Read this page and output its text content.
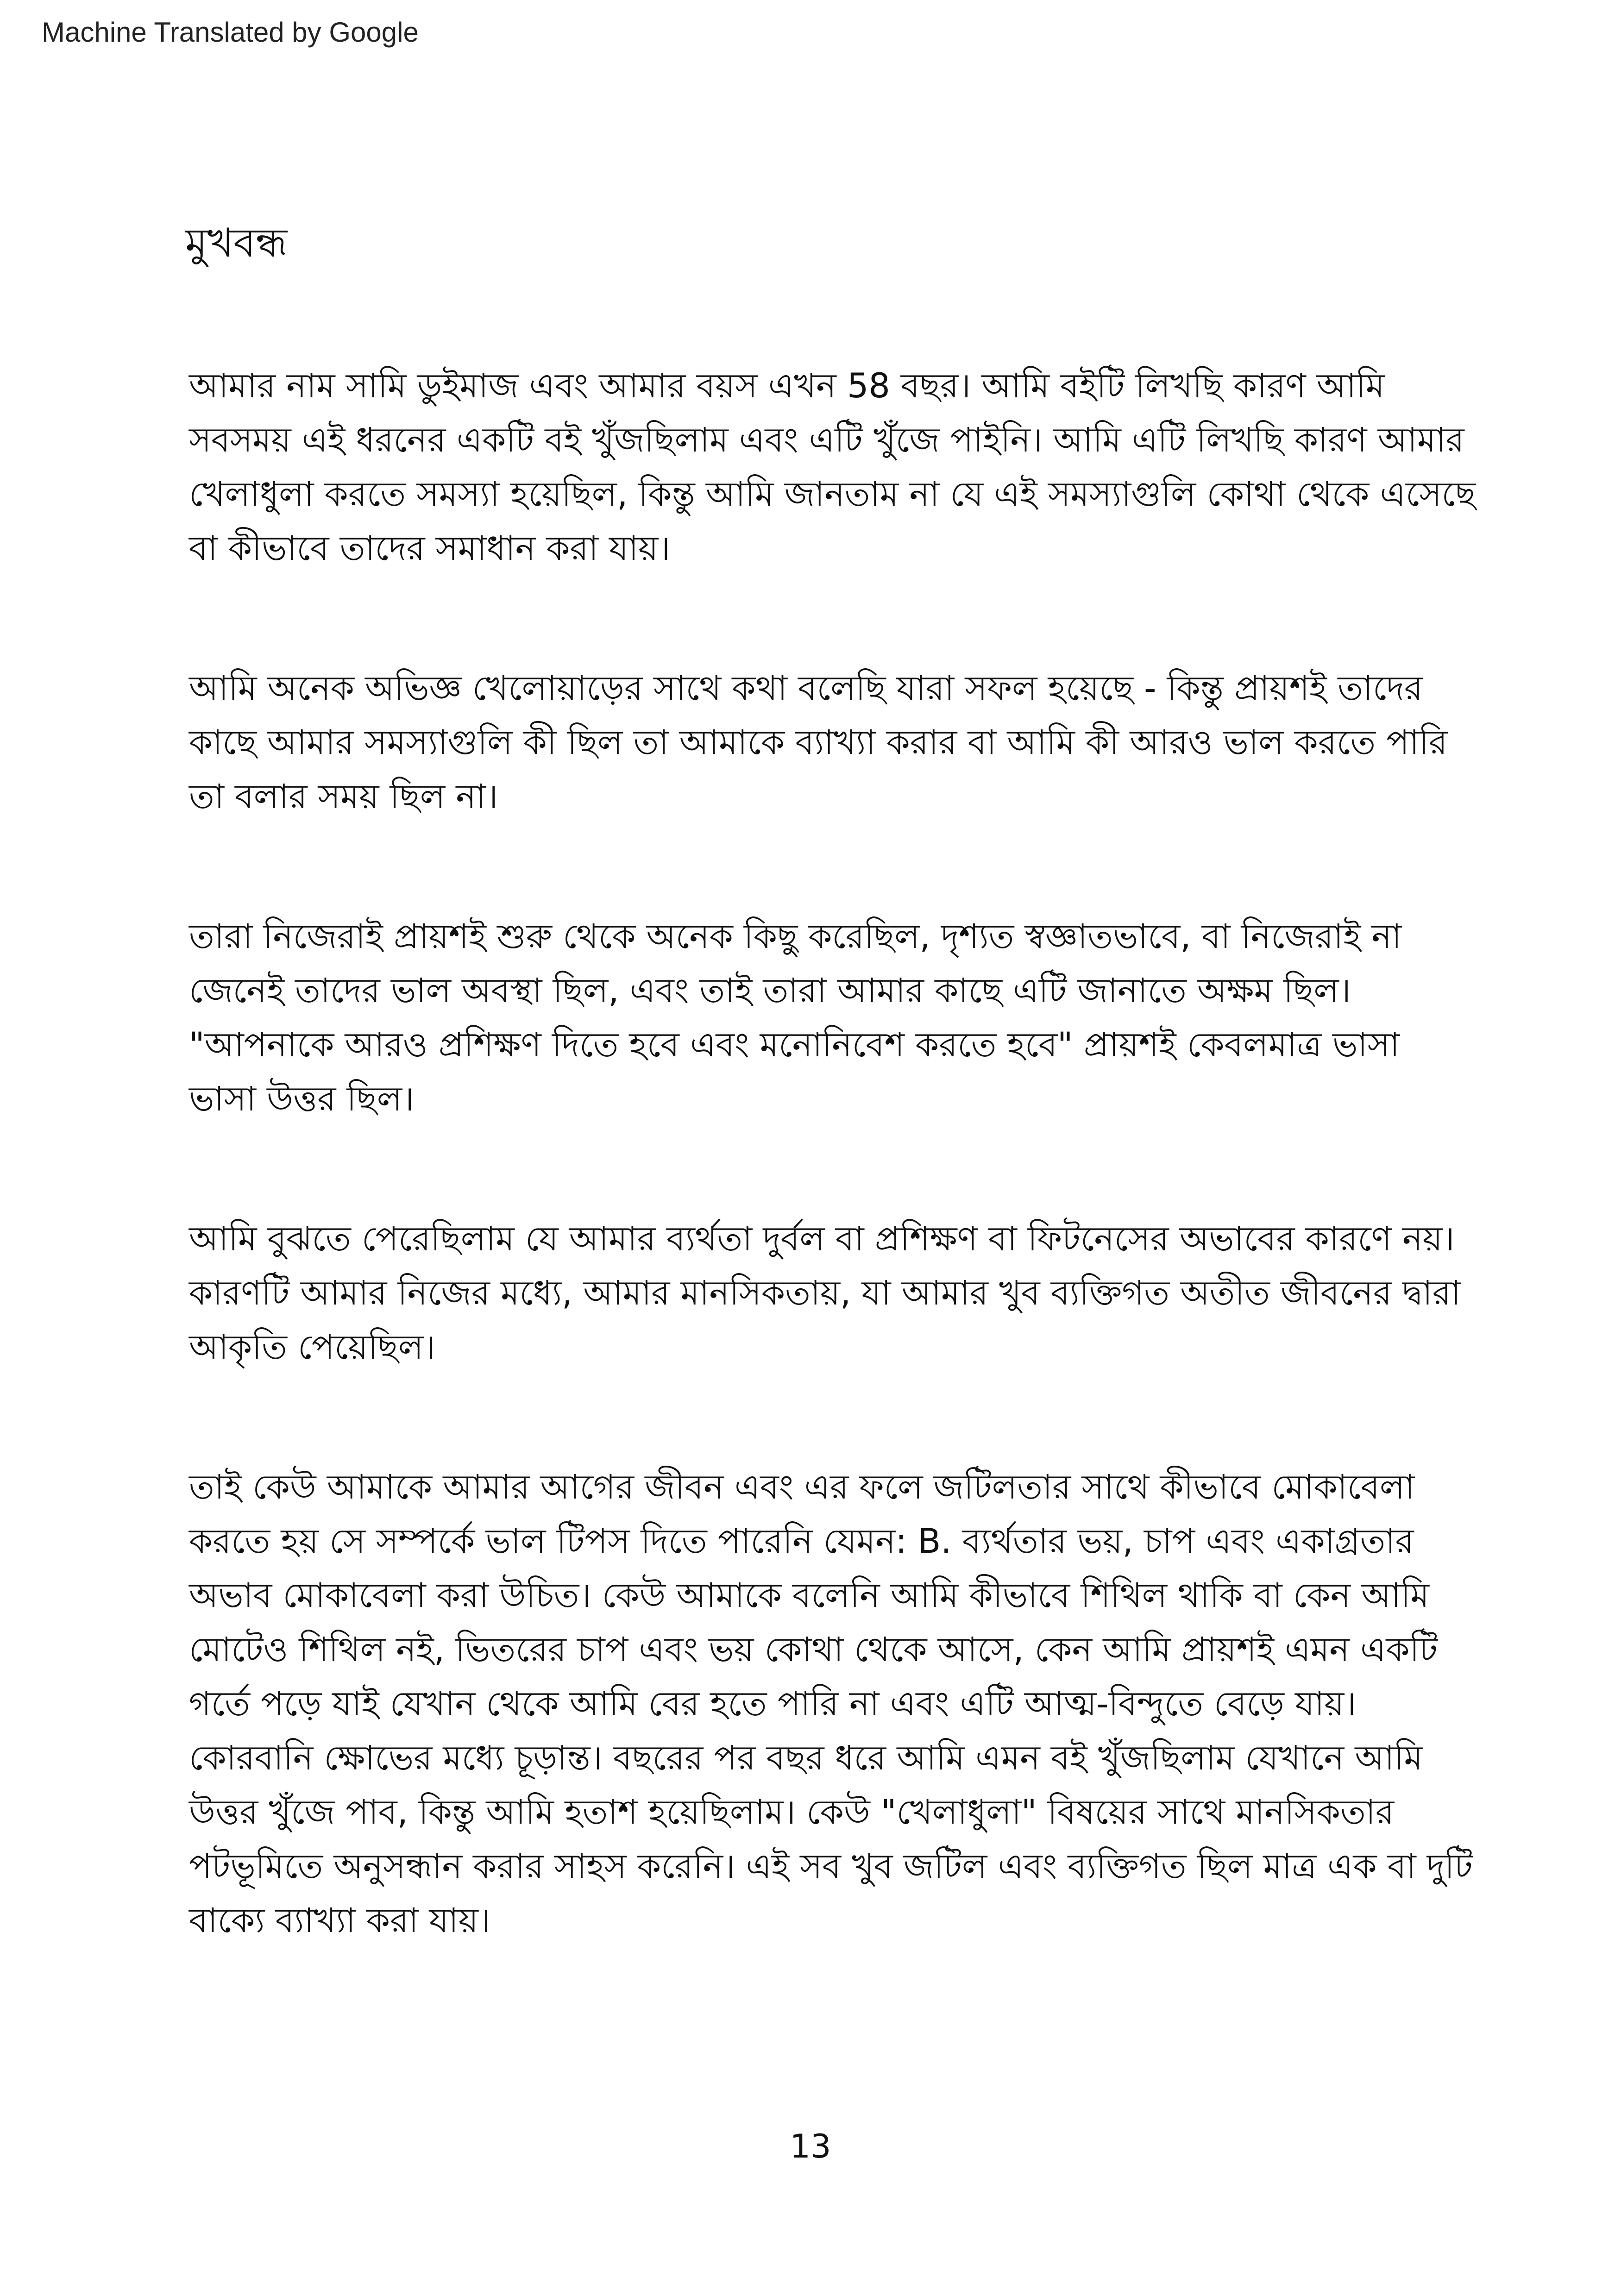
Machine Translated by Google
মুখবন্ধ

আমার নাম সামি ডুইমাজ এবং আমার বয়স এখন 58 বছর। আমি বইটি লিখছি কারণ আমি সবসময় এই ধরনের একটি বই খুঁজছিলাম এবং এটি খুঁজে পাইনি। আমি এটি লিখছি কারণ আমার খেলাধুলা করতে সমস্যা হয়েছিল, কিন্তু আমি জানতাম না যে এই সমস্যাগুলি কোথা থেকে এসেছে বা কীভাবে তাদের সমাধান করা যায়।

আমি অনেক অভিজ্ঞ খেলোয়াড়ের সাথে কথা বলেছি যারা সফল হয়েছে - কিন্তু প্রায়শই তাদের কাছে আমার সমস্যাগুলি কী ছিল তা আমাকে ব্যাখ্যা করার বা আমি কী আরও ভাল করতে পারি তা বলার সময় ছিল না।

তারা নিজেরাই প্রায়শই শুরু থেকে অনেক কিছু করেছিল, দৃশ্যত স্বজ্ঞাতভাবে, বা নিজেরাই না জেনেই তাদের ভাল অবস্থা ছিল, এবং তাই তারা আমার কাছে এটি জানাতে অক্ষম ছিল। "আপনাকে আরও প্রশিক্ষণ দিতে হবে এবং মনোনিবেশ করতে হবে" প্রায়শই কেবলমাত্র ভাসা ভাসা উত্তর ছিল।

আমি বুঝতে পেরেছিলাম যে আমার ব্যর্থতা দুর্বল বা প্রশিক্ষণ বা ফিটনেসের অভাবের কারণে নয়। কারণটি আমার নিজের মধ্যে, আমার মানসিকতায়, যা আমার খুব ব্যক্তিগত অতীত জীবনের দ্বারা আকৃতি পেয়েছিল।

তাই কেউ আমাকে আমার আগের জীবন এবং এর ফলে জটিলতার সাথে কীভাবে মোকাবেলা করতে হয় সে সম্পর্কে ভাল টিপস দিতে পারেনি যেমন: B. ব্যর্থতার ভয়, চাপ এবং একাগ্রতার অভাব মোকাবেলা করা উচিত। কেউ আমাকে বলেনি আমি কীভাবে শিথিল থাকি বা কেন আমি মোটেও শিথিল নই, ভিতরের চাপ এবং ভয় কোথা থেকে আসে, কেন আমি প্রায়শই এমন একটি গর্তে পড়ে যাই যেখান থেকে আমি বের হতে পারি না এবং এটি আত্ম-বিন্দুতে বেড়ে যায়। কোরবানি ক্ষোভের মধ্যে চূড়ান্ত। বছরের পর বছর ধরে আমি এমন বই খুঁজছিলাম যেখানে আমি উত্তর খুঁজে পাব, কিন্তু আমি হতাশ হয়েছিলাম। কেউ "খেলাধুলা" বিষয়ের সাথে মানসিকতার পটভূমিতে অনুসন্ধান করার সাহস করেনি। এই সব খুব জটিল এবং ব্যক্তিগত ছিল মাত্র এক বা দুটি বাক্যে ব্যাখ্যা করা যায়।

13
